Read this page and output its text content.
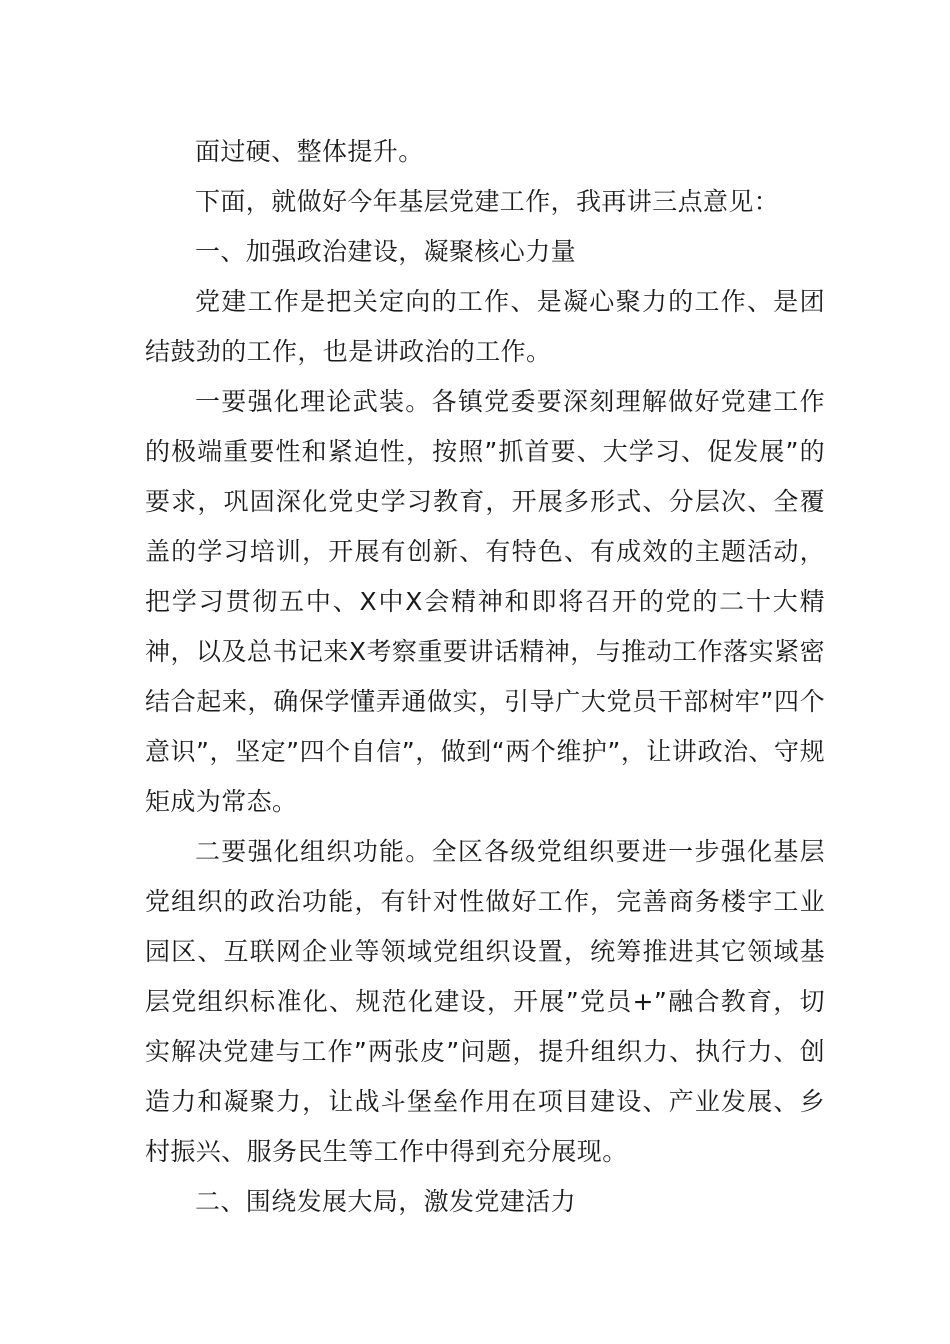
面过硬、整体提升。

下面，就做好今年基层党建工作，我再讲三点意见：

一、加强政治建设，凝聚核心力量

党建工作是把关定向的工作、是凝心聚力的工作、是团结鼓劲的工作，也是讲政治的工作。

一要强化理论武装。各镇党委要深刻理解做好党建工作的极端重要性和紧迫性，按照”抓首要、大学习、促发展”的要求，巩固深化党史学习教育，开展多形式、分层次、全覆盖的学习培训，开展有创新、有特色、有成效的主题活动，把学习贯彻五中、X中X会精神和即将召开的党的二十大精神，以及总书记来X考察重要讲话精神，与推动工作落实紧密结合起来，确保学懂弄通做实，引导广大党员干部树牢”四个意识”，坚定”四个自信”，做到“两个维护”，让讲政治、守规矩成为常态。

二要强化组织功能。全区各级党组织要进一步强化基层党组织的政治功能，有针对性做好工作，完善商务楼宇工业园区、互联网企业等领域党组织设置，统筹推进其它领域基层党组织标准化、规范化建设，开展”党员+”融合教育，切实解决党建与工作”两张皮”问题，提升组织力、执行力、创造力和凝聚力，让战斗堡垒作用在项目建设、产业发展、乡村振兴、服务民生等工作中得到充分展现。

二、围绕发展大局，激发党建活力
